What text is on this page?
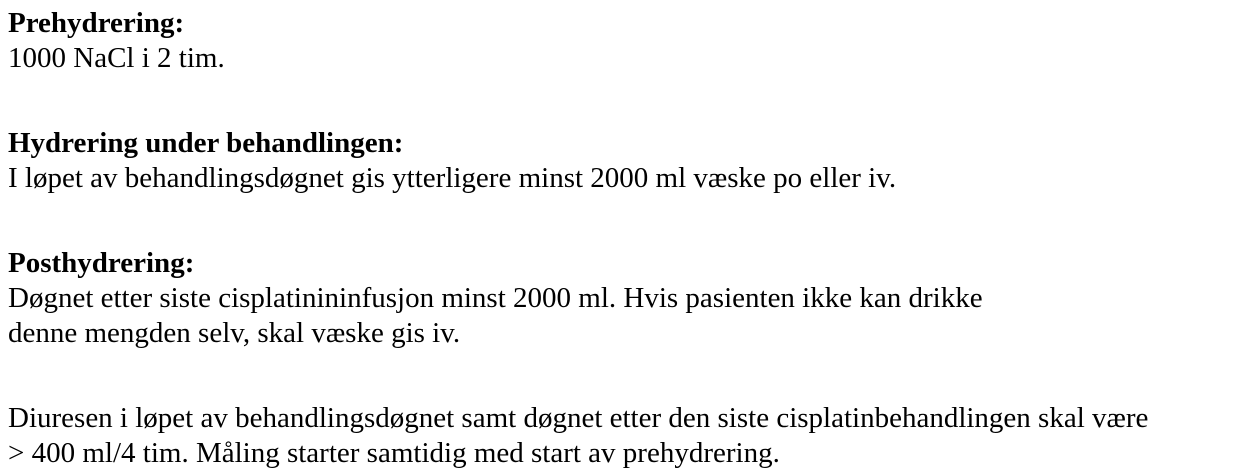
Prehydrering:
1000 NaCl i 2 tim.
Hydrering under behandlingen:
I løpet av behandlingsdøgnet gis ytterligere minst 2000 ml væske po eller iv.
Posthydrering:
Døgnet etter siste cisplatinininfusjon minst 2000 ml. Hvis pasienten ikke kan drikke
denne mengden selv, skal væske gis iv.
Diuresen i løpet av behandlingsdøgnet samt døgnet etter den siste cisplatinbehandlingen skal være
> 400 ml/4 tim. Måling starter samtidig med start av prehydrering.
